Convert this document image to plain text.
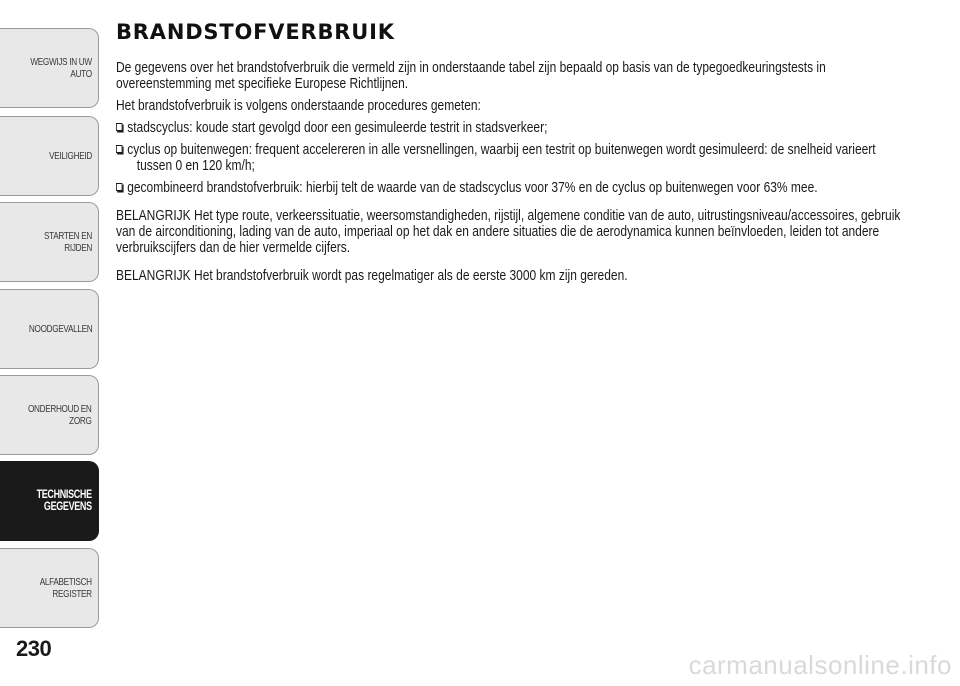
WEGWIJS IN UW
AUTO
VEILIGHEID
STARTEN EN RIJDEN
NOODGEVALLEN
ONDERHOUD EN
ZORG
TECHNISCHE
GEGEVENS
ALFABETISCH
REGISTER
230
BRANDSTOFVERBRUIK

De gegevens over het brandstofverbruik die vermeld zijn in onderstaande tabel zijn bepaald op basis van de typegoedkeuringstests in overeenstemming met specifieke Europese Richtlijnen.

Het brandstofverbruik is volgens onderstaande procedures gemeten:

stadscyclus: koude start gevolgd door een gesimuleerde testrit in stadsverkeer;
cyclus op buitenwegen: frequent accelereren in alle versnellingen, waarbij een testrit op buitenwegen wordt gesimuleerd: de snelheid varieert
tussen 0 en 120 km/h;
gecombineerd brandstofverbruik: hierbij telt de waarde van de stadscyclus voor 37% en de cyclus op buitenwegen voor 63% mee.

BELANGRIJK Het type route, verkeerssituatie, weersomstandigheden, rijstijl, algemene conditie van de auto, uitrustingsniveau/accessoires, gebruik van de airconditioning, lading van de auto, imperiaal op het dak en andere situaties die de aerodynamica kunnen beïnvloeden, leiden tot andere verbruikscijfers dan de hier vermelde cijfers.

BELANGRIJK Het brandstofverbruik wordt pas regelmatiger als de eerste 3000 km zijn gereden.

carmanualsonline.info
